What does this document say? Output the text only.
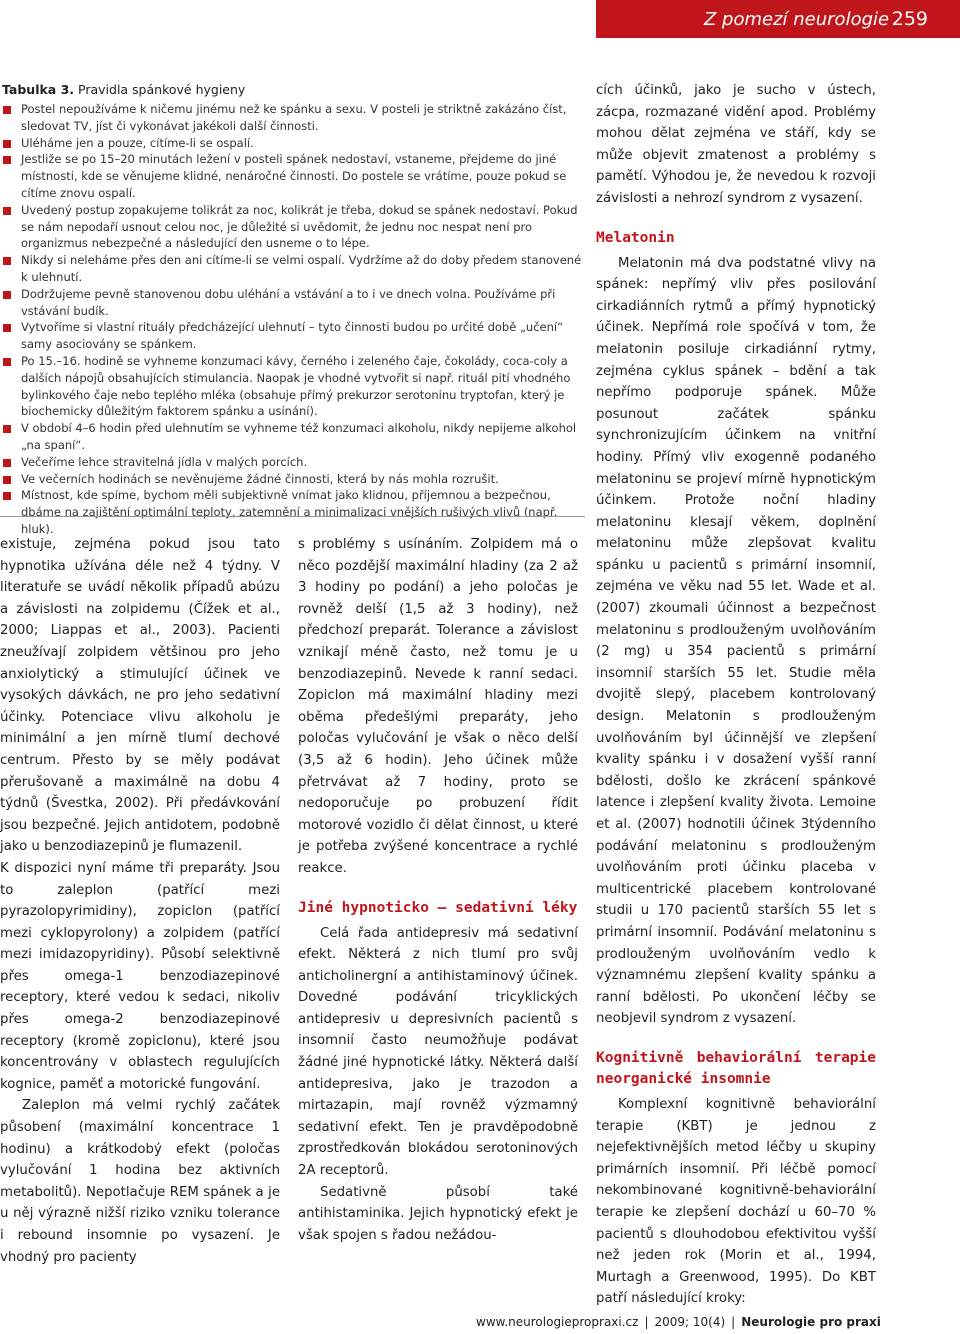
Z pomezí neurologie 259
Tabulka 3. Pravidla spánkové hygieny
Postel nepoužíváme k ničemu jinému než ke spánku a sexu. V posteli je striktně zakázáno číst, sledovat TV, jíst či vykonávat jakékoli další činnosti.
Uléháme jen a pouze, cítíme-li se ospalí.
Jestliže se po 15–20 minutách ležení v posteli spánek nedostaví, vstaneme, přejdeme do jiné místnosti, kde se věnujeme klidné, nenáročné činnosti. Do postele se vrátíme, pouze pokud se cítíme znovu ospalí.
Uvedený postup zopakujeme tolikrát za noc, kolikrát je třeba, dokud se spánek nedostaví. Pokud se nám nepodaří usnout celou noc, je důležité si uvědomit, že jednu noc nespat není pro organizmus nebezpečné a následující den usneme o to lépe.
Nikdy si neleháme přes den ani cítíme-li se velmi ospalí. Vydržíme až do doby předem stanovené k ulehnutí.
Dodržujeme pevně stanovenou dobu uléhání a vstávání a to i ve dnech volna. Používáme při vstávání budík.
Vytvoříme si vlastní rituály předcházející ulehnutí – tyto činnosti budou po určité době „učení“ samy asociovány se spánkem.
Po 15.–16. hodině se vyhneme konzumaci kávy, černého i zeleného čaje, čokolády, coca-coly a dalších nápojů obsahujících stimulancia. Naopak je vhodné vytvořit si např. rituál pití vhodného bylinkového čaje nebo teplého mléka (obsahuje přímý prekurzor serotoninu tryptofan, který je biochemicky důležitým faktorem spánku a usínání).
V období 4–6 hodin před ulehnutím se vyhneme též konzumaci alkoholu, nikdy nepijeme alkohol „na spaní“.
Večeříme lehce stravitelná jídla v malých porcích.
Ve večerních hodinách se nevěnujeme žádné činnosti, která by nás mohla rozrušit.
Místnost, kde spíme, bychom měli subjektivně vnímat jako klidnou, příjemnou a bezpečnou, dbáme na zajištění optimální teploty, zatemnění a minimalizaci vnějších rušivých vlivů (např. hluk).

existuje, zejména pokud jsou tato hypnotika užívána déle než 4 týdny. V literatuře se uvádí několik případů abúzu a závislosti na zolpidemu (Čížek et al., 2000; Liappas et al., 2003). Pacienti zneužívají zolpidem většinou pro jeho anxiolytický a stimulující účinek ve vysokých dávkách, ne pro jeho sedativní účinky. Potenciace vlivu alkoholu je minimální a jen mírně tlumí dechové centrum. Přesto by se měly podávat přerušovaně a maximálně na dobu 4 týdnů (Švestka, 2002). Při předávkování jsou bezpečné. Jejich antidotem, podobně jako u benzodiazepinů je flumazenil.

K dispozici nyní máme tři preparáty. Jsou to zaleplon (patřící mezi pyrazolopyrimidiny), zopiclon (patřící mezi cyklopyrolony) a zolpidem (patřící mezi imidazopyridiny). Působí selektivně přes omega-1 benzodiazepinové receptory, které vedou k sedaci, nikoliv přes omega-2 benzodiazepinové receptory (kromě zopiclonu), které jsou koncentrovány v oblastech regulujících kognice, paměť a motorické fungování.

Zaleplon má velmi rychlý začátek působení (maximální koncentrace 1 hodinu) a krátkodobý efekt (poločas vylučování 1 hodina bez aktivních metabolitů). Nepotlačuje REM spánek a je u něj výrazně nižší riziko vzniku tolerance i rebound insomnie po vysazení. Je vhodný pro pacienty

s problémy s usínáním. Zolpidem má o něco pozdější maximální hladiny (za 2 až 3 hodiny po podání) a jeho poločas je rovněž delší (1,5 až 3 hodiny), než předchozí preparát. Tolerance a závislost vznikají méně často, než tomu je u benzodiazepinů. Nevede k ranní sedaci. Zopiclon má maximální hladiny mezi oběma předešlými preparáty, jeho poločas vylučování je však o něco delší (3,5 až 6 hodin). Jeho účinek může přetrvávat až 7 hodiny, proto se nedoporučuje po probuzení řídit motorové vozidlo či dělat činnost, u které je potřeba zvýšené koncentrace a rychlé reakce.

Jiné hypnoticko – sedativní léky

Celá řada antidepresiv má sedativní efekt. Některá z nich tlumí pro svůj anticholinergní a antihistaminový účinek. Dovedné podávání tricyklických antidepresiv u depresivních pacientů s insomnií často neumožňuje podávat žádné jiné hypnotické látky. Některá další antidepresiva, jako je trazodon a mirtazapin, mají rovněž výzmamný sedativní efekt. Ten je pravděpodobně zprostředkován blokádou serotoninových 2A receptorů.

Sedativně působí také antihistaminika. Jejich hypnotický efekt je však spojen s řadou nežádou-

cích účinků, jako je sucho v ústech, zácpa, rozmazané vidění apod. Problémy mohou dělat zejména ve stáří, kdy se může objevit zmatenost a problémy s pamětí. Výhodou je, že nevedou k rozvoji závislosti a nehrozí syndrom z vysazení.

Melatonin

Melatonin má dva podstatné vlivy na spánek: nepřímý vliv přes posilování cirkadiánních rytmů a přímý hypnotický účinek. Nepřímá role spočívá v tom, že melatonin posiluje cirkadiánní rytmy, zejména cyklus spánek – bdění a tak nepřímo podporuje spánek. Může posunout začátek spánku synchronizujícím účinkem na vnitřní hodiny. Přímý vliv exogenně podaného melatoninu se projeví mírně hypnotickým účinkem. Protože noční hladiny melatoninu klesají věkem, doplnění melatoninu může zlepšovat kvalitu spánku u pacientů s primární insomnií, zejména ve věku nad 55 let. Wade et al. (2007) zkoumali účinnost a bezpečnost melatoninu s prodlouženým uvolňováním (2 mg) u 354 pacientů s primární insomnií starších 55 let. Studie měla dvojitě slepý, placebem kontrolovaný design. Melatonin s prodlouženým uvolňováním byl účinnější ve zlepšení kvality spánku i v dosažení vyšší ranní bdělosti, došlo ke zkrácení spánkové latence i zlepšení kvality života. Lemoine et al. (2007) hodnotili účinek 3týdenního podávání melatoninu s prodlouženým uvolňováním proti účinku placeba v multicentrické placebem kontrolované studii u 170 pacientů starších 55 let s primární insomnií. Podávání melatoninu s prodlouženým uvolňováním vedlo k významnému zlepšení kvality spánku a ranní bdělosti. Po ukončení léčby se neobjevil syndrom z vysazení.

Kognitivně behaviorální terapie neorganické insomnie

Komplexní kognitivně behaviorální terapie (KBT) je jednou z nejefektivnějších metod léčby u skupiny primárních insomnií. Při léčbě pomocí nekombinované kognitivně-behaviorální terapie ke zlepšení dochází u 60–70 % pacientů s dlouhodobou efektivitou vyšší než jeden rok (Morin et al., 1994, Murtagh a Greenwood, 1995). Do KBT patří následující kroky:

www.neurologiepropraxi.cz | 2009; 10(4) | Neurologie pro praxi
